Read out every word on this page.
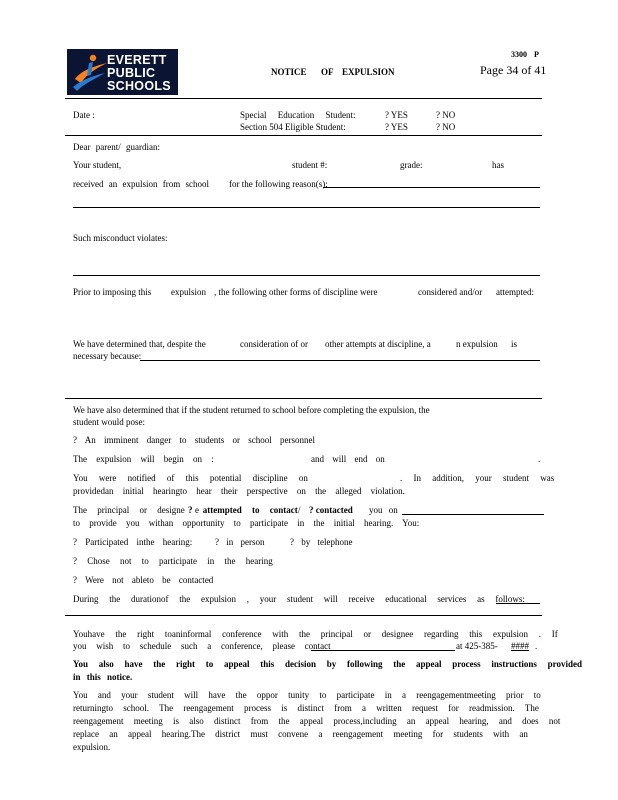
EVERETT
PUBLIC
SCHOOLS
NOTICE OF EXPULSION
3300 P
Page 34 of 41
Date :	Special Education Student:	? YES	? NO
Section 504 Eligible Student:	? YES	? NO
Dear parent/ guardian:
Your student,	student #:	grade:	has
received an expulsion from school for the following reason(s):
Such misconduct violates:
Prior to imposing this expulsion , the following other forms of discipline were	considered and/or attempted:
We have determined that, despite the	consideration of or other attempts at discipline, a	n expulsion is
necessary because:
We have also determined that if the student returned to school before completing the expulsion, the
student would pose:
? An imminent danger to students or school personnel
The expulsion will begin on :	and will end on	.
You were notified of this potential discipline on	. In addition, your student was
providedan initial hearingto hear their perspective on the alleged violation.
The principal or designe e
? attempted to contact / ? contacted you on
to provide you withan opportunity to participate in the initial hearing. You:
? Participated inthe hearing:	? in person	? by telephone
? Chose not to participate in the hearing
? Were not ableto be contacted
During the durationof the expulsion , your student will receive educational services as follows:
Youhave the right toaninformal conference with the principal or designee regarding this expulsion . If
you wish to schedule such a conference, please contact	at 425-385- #### .
You also have the right to appeal this decision by following the appeal process instructions provided
in this notice.
You and your student will have the oppor tunity to participate in a reengagementmeeting prior to
returningto school. The reengagement process is distinct from a written request for readmission. The
reengagement meeting is also distinct from the appeal process,including an appeal hearing, and does not
replace an appeal hearing.The district must convene a reengagement meeting for students with an
expulsion.
